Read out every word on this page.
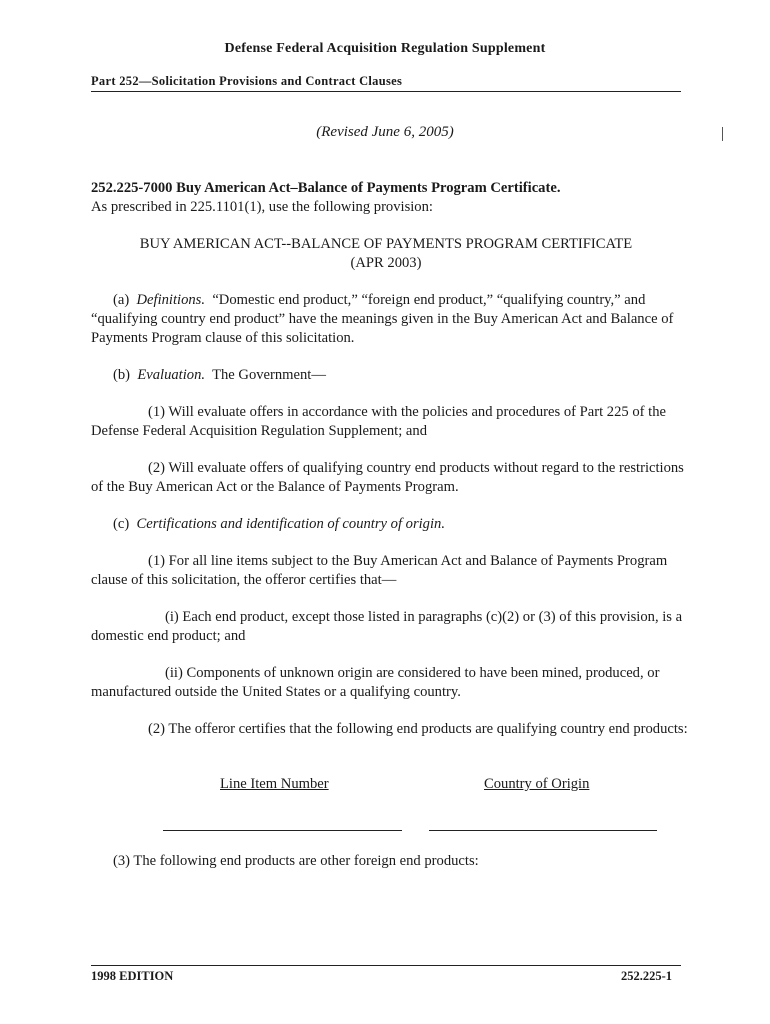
Defense Federal Acquisition Regulation Supplement
Part 252—Solicitation Provisions and Contract Clauses
(Revised June 6, 2005)

252.225-7000 Buy American Act–Balance of Payments Program Certificate.

As prescribed in 225.1101(1), use the following provision:

BUY AMERICAN ACT--BALANCE OF PAYMENTS PROGRAM CERTIFICATE
(APR 2003)
(a) Definitions. “Domestic end product,” “foreign end product,” “qualifying country,” and “qualifying country end product” have the meanings given in the Buy American Act and Balance of Payments Program clause of this solicitation.
(b) Evaluation. The Government—
(1) Will evaluate offers in accordance with the policies and procedures of Part 225 of the Defense Federal Acquisition Regulation Supplement; and
(2) Will evaluate offers of qualifying country end products without regard to the restrictions of the Buy American Act or the Balance of Payments Program.
(c) Certifications and identification of country of origin.
(1) For all line items subject to the Buy American Act and Balance of Payments Program clause of this solicitation, the offeror certifies that—
(i) Each end product, except those listed in paragraphs (c)(2) or (3) of this provision, is a domestic end product; and
(ii) Components of unknown origin are considered to have been mined, produced, or manufactured outside the United States or a qualifying country.
(2) The offeror certifies that the following end products are qualifying country end products:
Line Item Number	Country of Origin
(3) The following end products are other foreign end products:
1998 EDITION	252.225-1
